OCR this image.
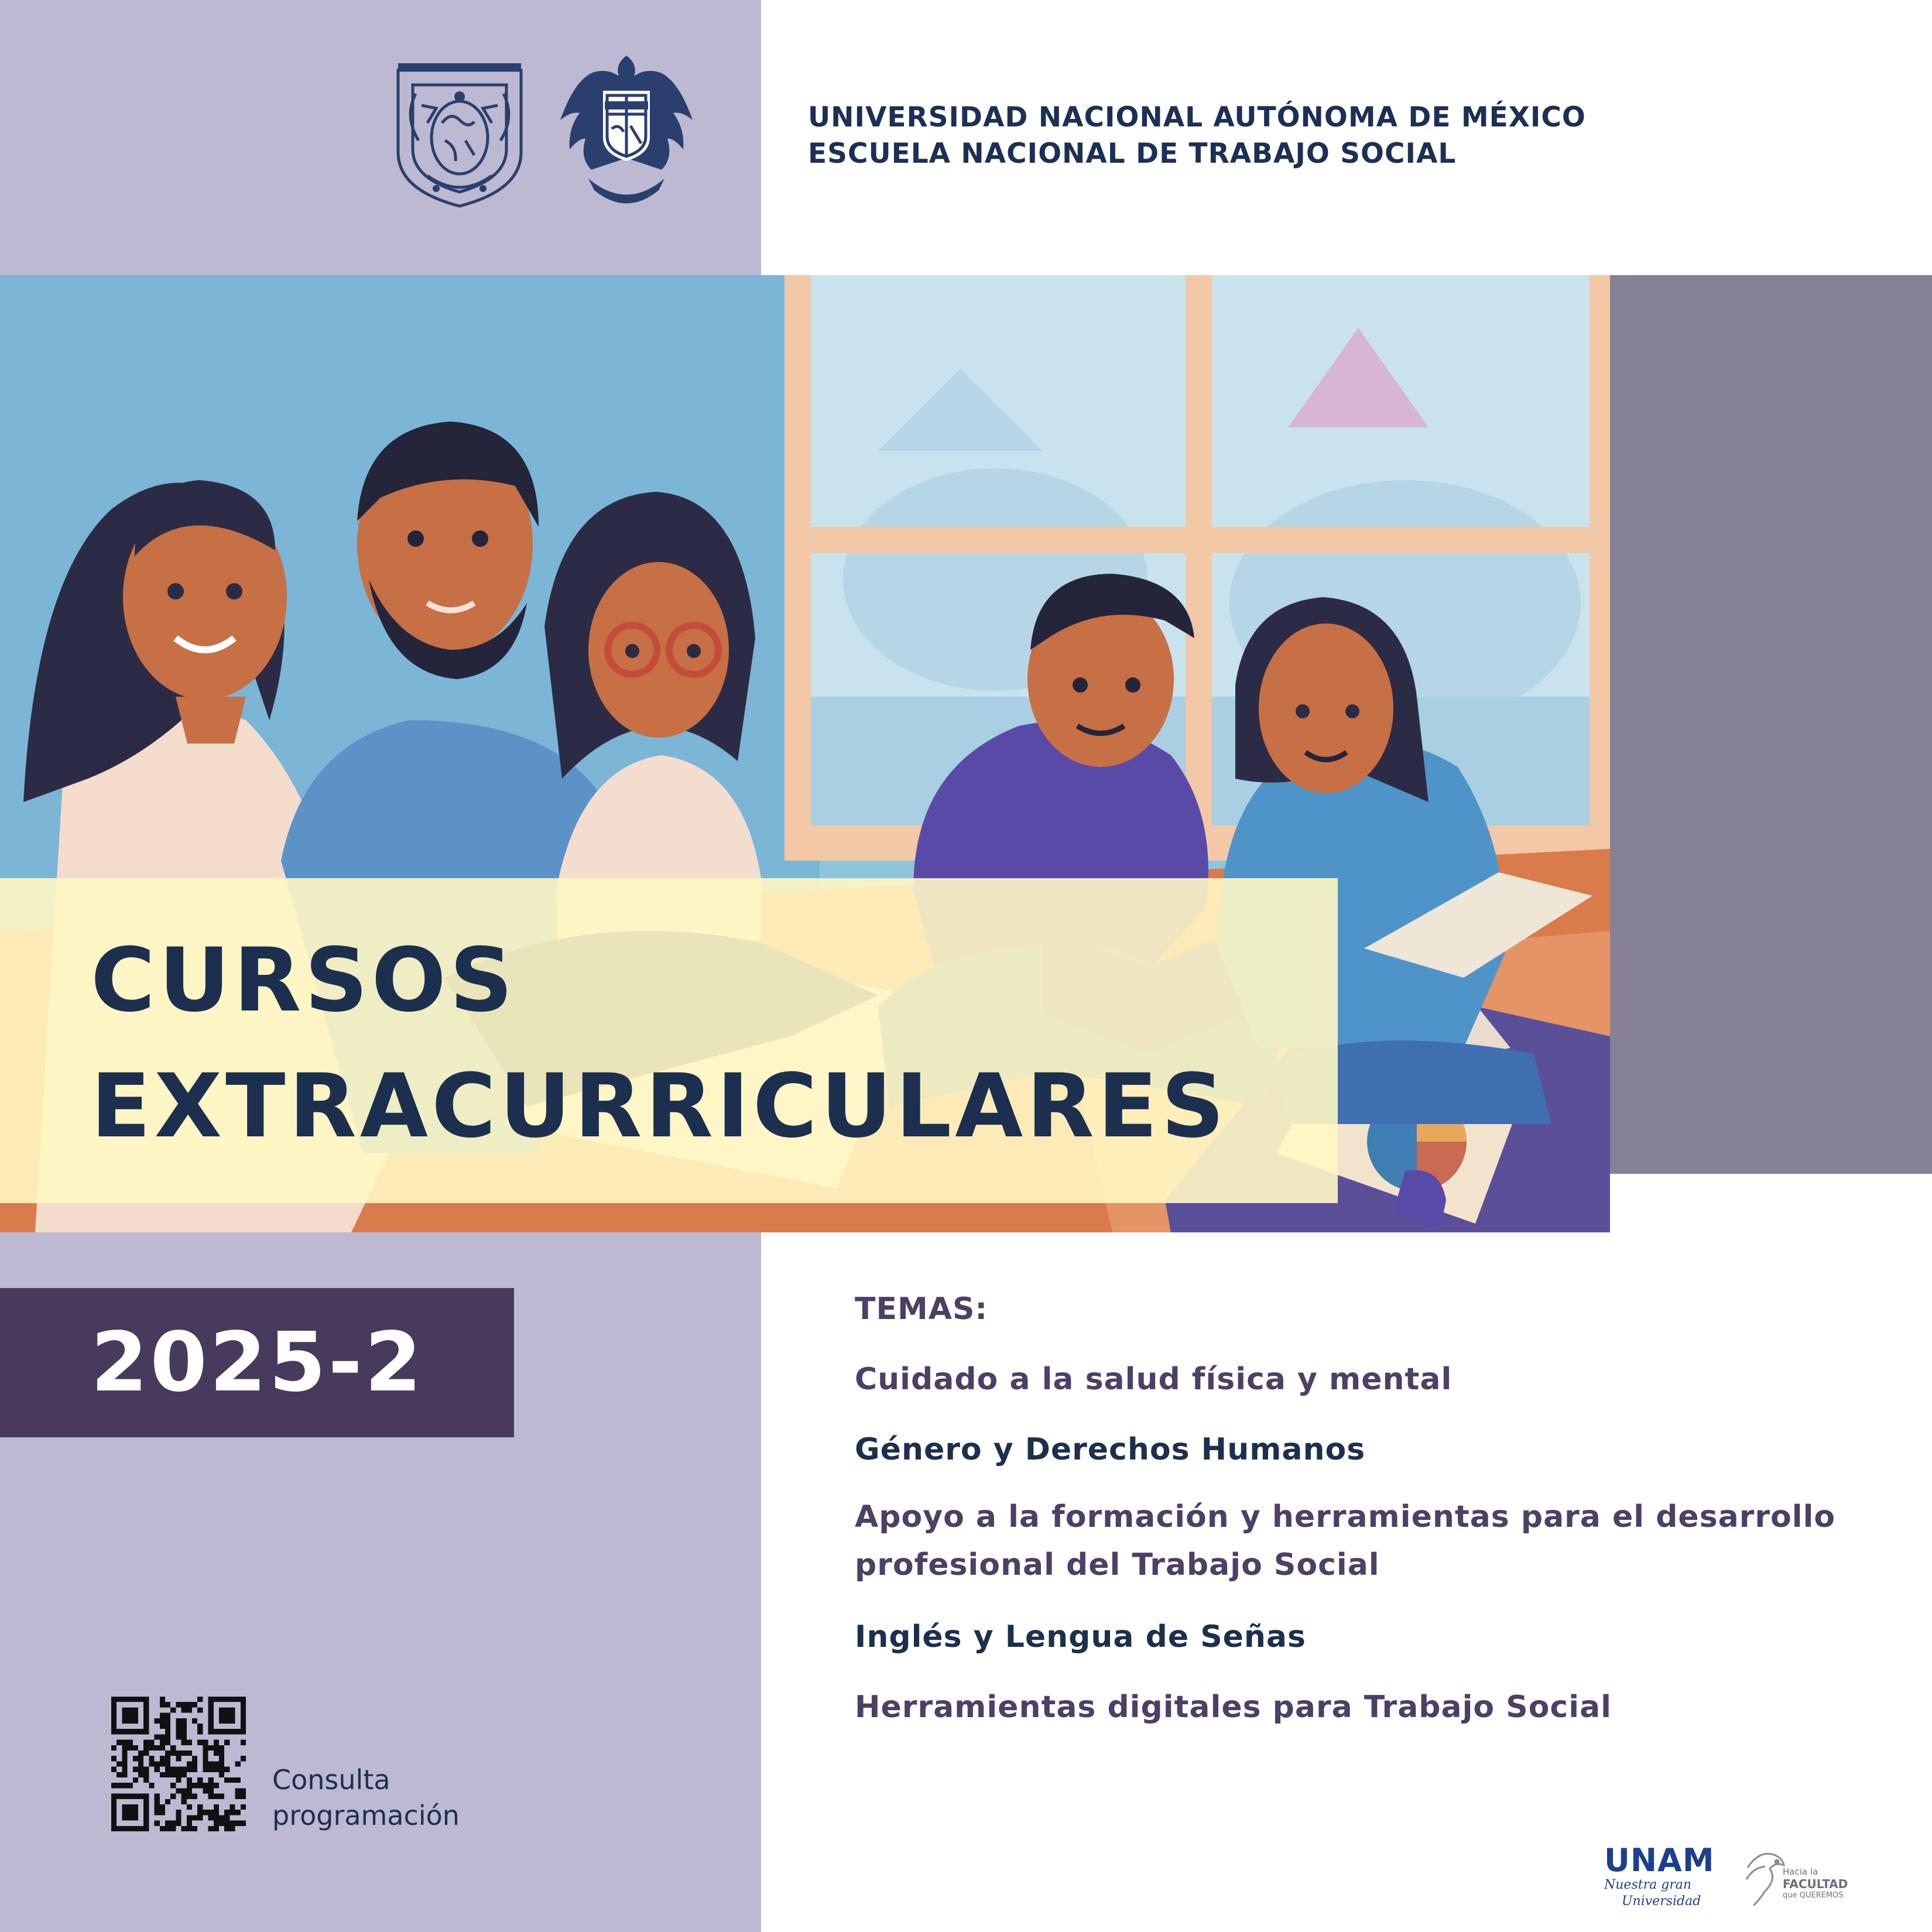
UNIVERSIDAD NACIONAL AUTÓNOMA DE MÉXICO
ESCUELA NACIONAL DE TRABAJO SOCIAL
CURSOS
EXTRACURRICULARES
2025-2
TEMAS:
Cuidado a la salud física y mental
Género y Derechos Humanos
Apoyo a la formación y herramientas para el desarrollo
profesional del Trabajo Social
Inglés y Lengua de Señas
Herramientas digitales para Trabajo Social
Consulta
programación
UNAM
Nuestra gran
Universidad
Hacia la
FACULTAD
que QUEREMOS
